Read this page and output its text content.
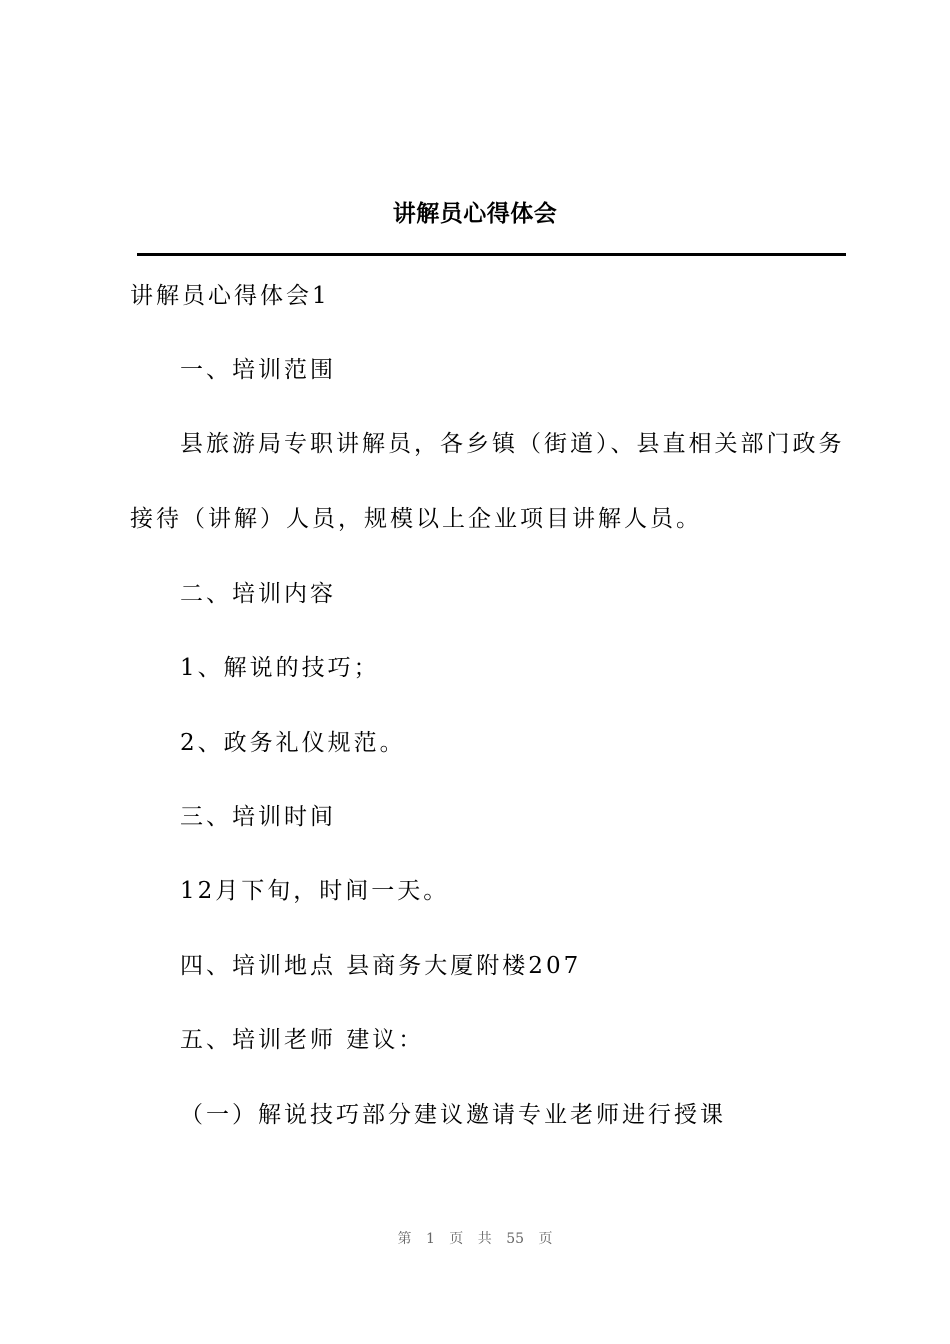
讲解员心得体会
讲解员心得体会1
一、培训范围
县旅游局专职讲解员，各乡镇（街道）、县直相关部门政务
接待（讲解）人员，规模以上企业项目讲解人员。
二、培训内容
1、解说的技巧；
2、政务礼仪规范。
三、培训时间
12月下旬，时间一天。
四、培训地点 县商务大厦附楼207
五、培训老师 建议：
（一）解说技巧部分建议邀请专业老师进行授课
第 1 页 共 55 页
